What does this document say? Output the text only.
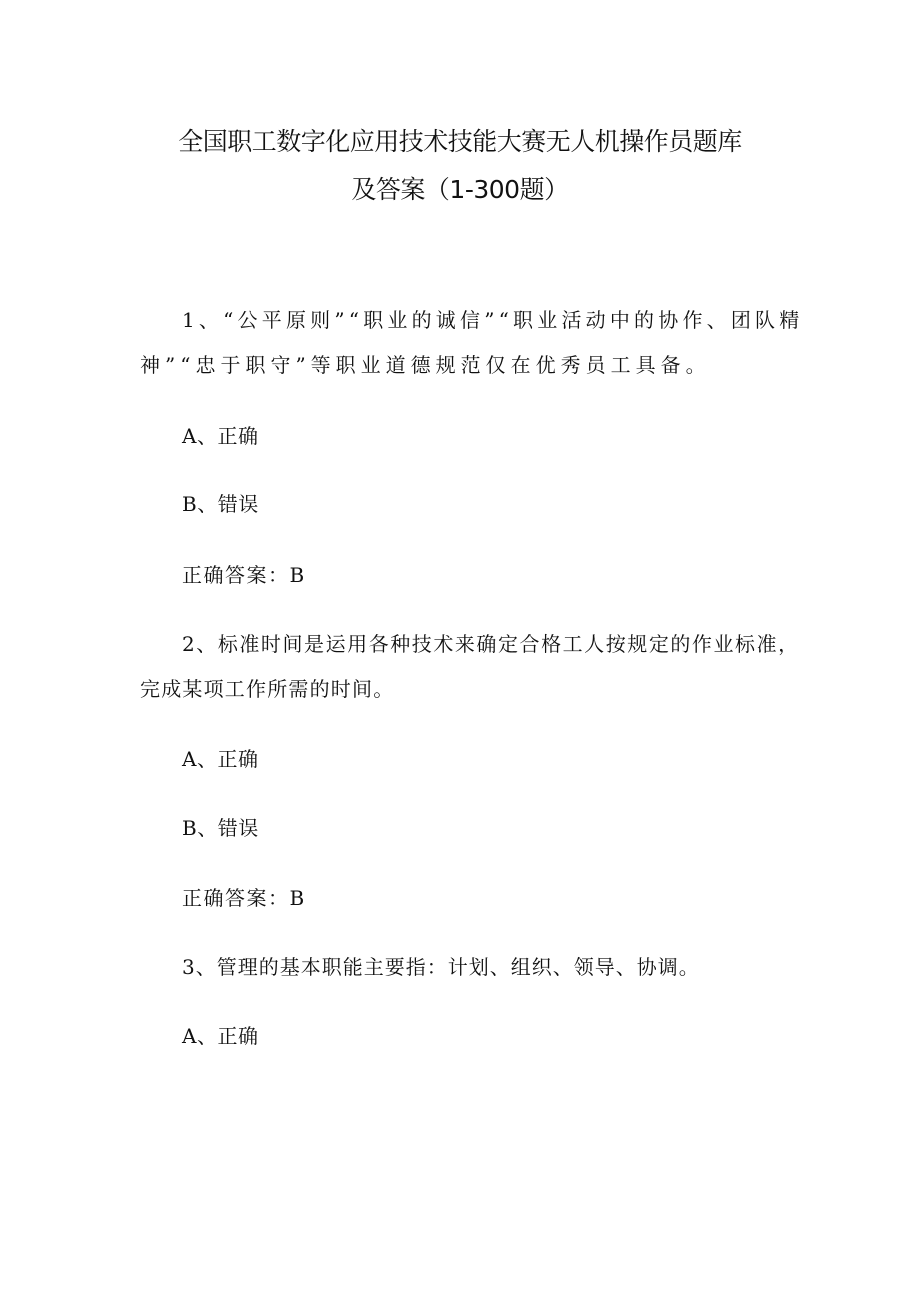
全国职工数字化应用技术技能大赛无人机操作员题库
及答案（1-300题）
1、“公平原则”“职业的诚信”“职业活动中的协作、团队精
神”“忠于职守”等职业道德规范仅在优秀员工具备。
A、正确
B、错误
正确答案：B
2、标准时间是运用各种技术来确定合格工人按规定的作业标准，
完成某项工作所需的时间。
A、正确
B、错误
正确答案：B
3、管理的基本职能主要指：计划、组织、领导、协调。
A、正确
